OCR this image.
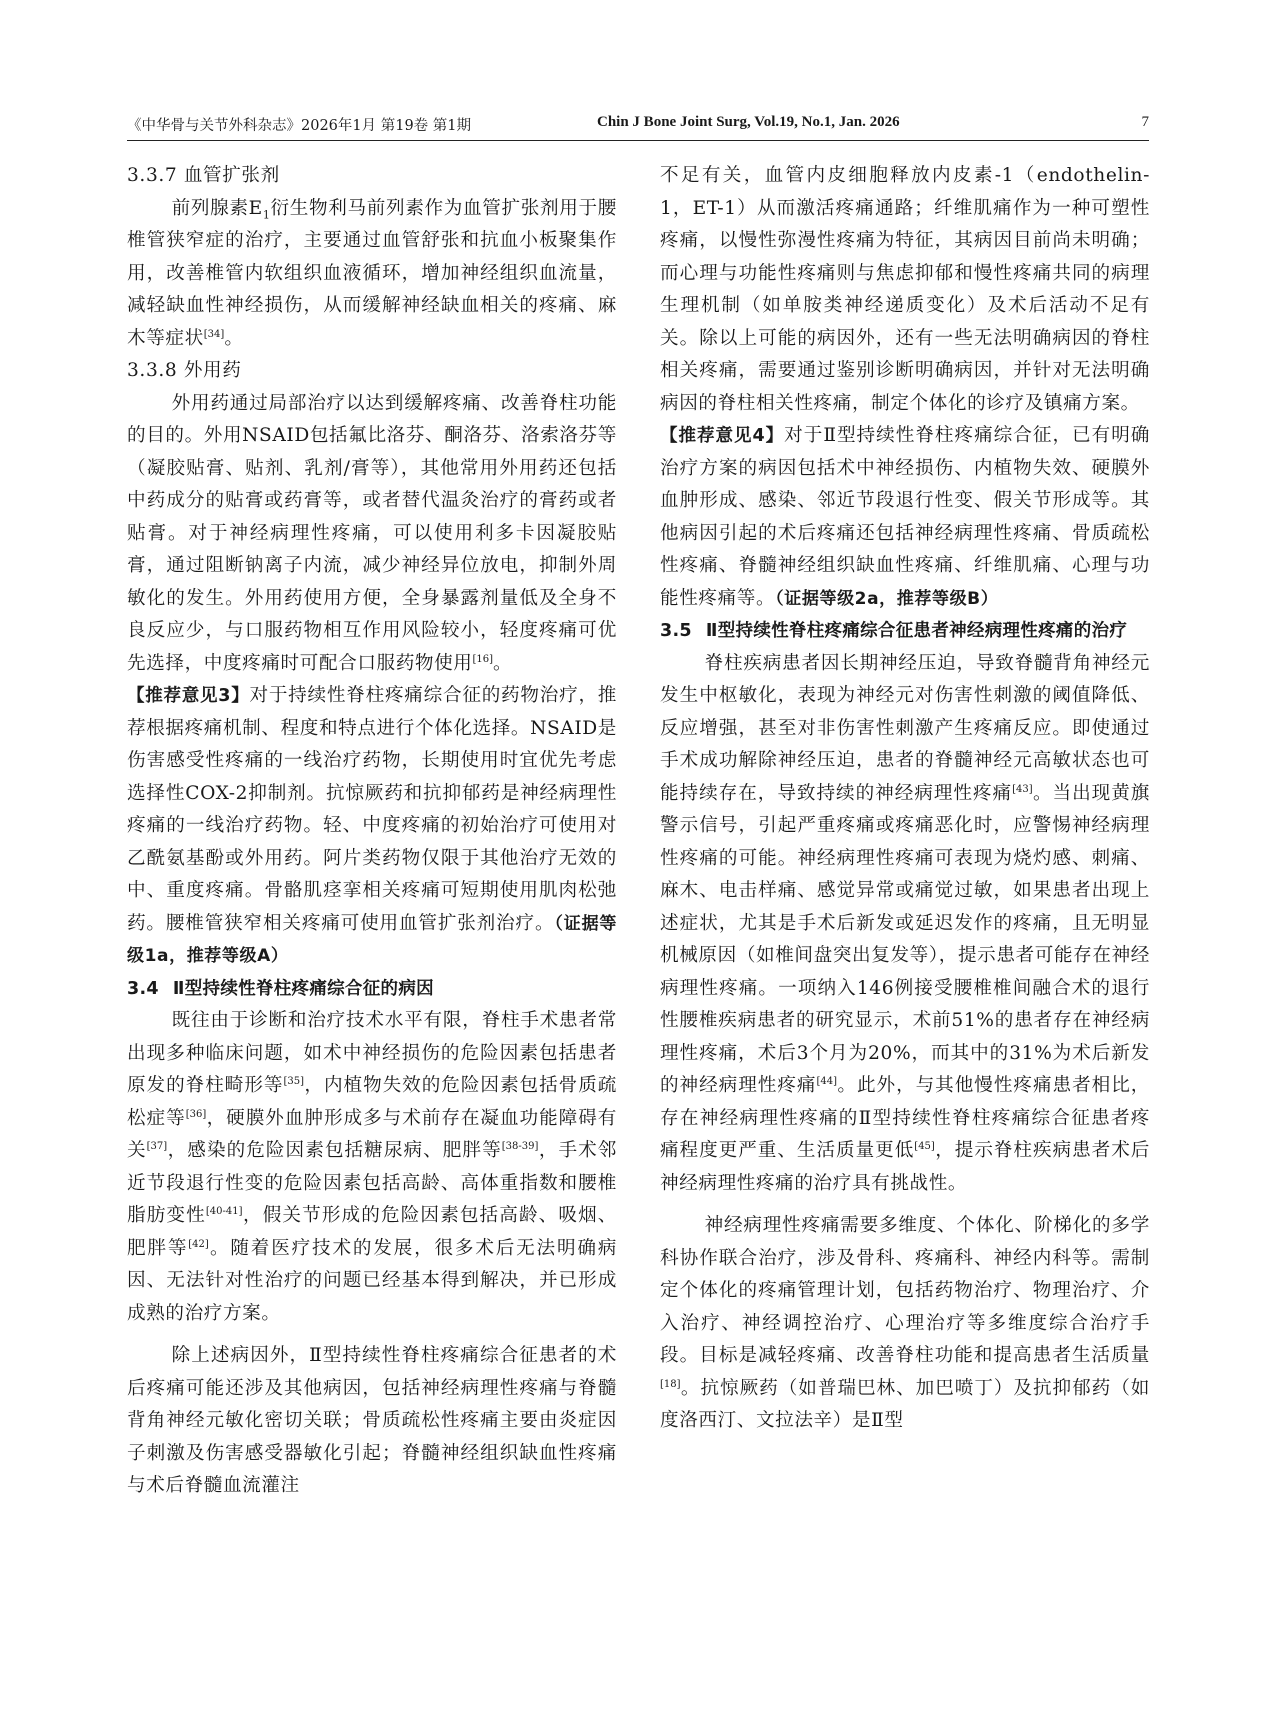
《中华骨与关节外科杂志》2026年1月 第19卷 第1期	Chin J Bone Joint Surg, Vol.19, No.1, Jan. 2026	7

3.3.7 血管扩张剂

前列腺素$E_1$衍生物利马前列素作为血管扩张剂用于腰椎管狭窄症的治疗，主要通过血管舒张和抗血小板聚集作用，改善椎管内软组织血液循环，增加神经组织血流量，减轻缺血性神经损伤，从而缓解神经缺血相关的疼痛、麻木等症状[34]。

3.3.8 外用药

外用药通过局部治疗以达到缓解疼痛、改善脊柱功能的目的。外用NSAID包括氟比洛芬、酮洛芬、洛索洛芬等（凝胶贴膏、贴剂、乳剂/膏等），其他常用外用药还包括中药成分的贴膏或药膏等，或者替代温灸治疗的膏药或者贴膏。对于神经病理性疼痛，可以使用利多卡因凝胶贴膏，通过阻断钠离子内流，减少神经异位放电，抑制外周敏化的发生。外用药使用方便，全身暴露剂量低及全身不良反应少，与口服药物相互作用风险较小，轻度疼痛可优先选择，中度疼痛时可配合口服药物使用[16]。

【推荐意见3】对于持续性脊柱疼痛综合征的药物治疗，推荐根据疼痛机制、程度和特点进行个体化选择。NSAID是伤害感受性疼痛的一线治疗药物，长期使用时宜优先考虑选择性COX-2抑制剂。抗惊厥药和抗抑郁药是神经病理性疼痛的一线治疗药物。轻、中度疼痛的初始治疗可使用对乙酰氨基酚或外用药。阿片类药物仅限于其他治疗无效的中、重度疼痛。骨骼肌痉挛相关疼痛可短期使用肌肉松弛药。腰椎管狭窄相关疼痛可使用血管扩张剂治疗。（证据等级1a，推荐等级A）

3.4 Ⅱ型持续性脊柱疼痛综合征的病因

既往由于诊断和治疗技术水平有限，脊柱手术患者常出现多种临床问题，如术中神经损伤的危险因素包括患者原发的脊柱畸形等[35]，内植物失效的危险因素包括骨质疏松症等[36]，硬膜外血肿形成多与术前存在凝血功能障碍有关[37]，感染的危险因素包括糖尿病、肥胖等[38-39]，手术邻近节段退行性变的危险因素包括高龄、高体重指数和腰椎脂肪变性[40-41]，假关节形成的危险因素包括高龄、吸烟、肥胖等[42]。随着医疗技术的发展，很多术后无法明确病因、无法针对性治疗的问题已经基本得到解决，并已形成成熟的治疗方案。

除上述病因外，Ⅱ型持续性脊柱疼痛综合征患者的术后疼痛可能还涉及其他病因，包括神经病理性疼痛与脊髓背角神经元敏化密切关联；骨质疏松性疼痛主要由炎症因子刺激及伤害感受器敏化引起；脊髓神经组织缺血性疼痛与术后脊髓血流灌注

不足有关，血管内皮细胞释放内皮素-1（endothelin-1，ET-1）从而激活疼痛通路；纤维肌痛作为一种可塑性疼痛，以慢性弥漫性疼痛为特征，其病因目前尚未明确；而心理与功能性疼痛则与焦虑抑郁和慢性疼痛共同的病理生理机制（如单胺类神经递质变化）及术后活动不足有关。除以上可能的病因外，还有一些无法明确病因的脊柱相关疼痛，需要通过鉴别诊断明确病因，并针对无法明确病因的脊柱相关性疼痛，制定个体化的诊疗及镇痛方案。

【推荐意见4】对于Ⅱ型持续性脊柱疼痛综合征，已有明确治疗方案的病因包括术中神经损伤、内植物失效、硬膜外血肿形成、感染、邻近节段退行性变、假关节形成等。其他病因引起的术后疼痛还包括神经病理性疼痛、骨质疏松性疼痛、脊髓神经组织缺血性疼痛、纤维肌痛、心理与功能性疼痛等。（证据等级2a，推荐等级B）

3.5 Ⅱ型持续性脊柱疼痛综合征患者神经病理性疼痛的治疗

脊柱疾病患者因长期神经压迫，导致脊髓背角神经元发生中枢敏化，表现为神经元对伤害性刺激的阈值降低、反应增强，甚至对非伤害性刺激产生疼痛反应。即使通过手术成功解除神经压迫，患者的脊髓神经元高敏状态也可能持续存在，导致持续的神经病理性疼痛[43]。当出现黄旗警示信号，引起严重疼痛或疼痛恶化时，应警惕神经病理性疼痛的可能。神经病理性疼痛可表现为烧灼感、刺痛、麻木、电击样痛、感觉异常或痛觉过敏，如果患者出现上述症状，尤其是手术后新发或延迟发作的疼痛，且无明显机械原因（如椎间盘突出复发等），提示患者可能存在神经病理性疼痛。一项纳入146例接受腰椎椎间融合术的退行性腰椎疾病患者的研究显示，术前51%的患者存在神经病理性疼痛，术后3个月为20%，而其中的31%为术后新发的神经病理性疼痛[44]。此外，与其他慢性疼痛患者相比，存在神经病理性疼痛的Ⅱ型持续性脊柱疼痛综合征患者疼痛程度更严重、生活质量更低[45]，提示脊柱疾病患者术后神经病理性疼痛的治疗具有挑战性。

神经病理性疼痛需要多维度、个体化、阶梯化的多学科协作联合治疗，涉及骨科、疼痛科、神经内科等。需制定个体化的疼痛管理计划，包括药物治疗、物理治疗、介入治疗、神经调控治疗、心理治疗等多维度综合治疗手段。目标是减轻疼痛、改善脊柱功能和提高患者生活质量[18]。抗惊厥药（如普瑞巴林、加巴喷丁）及抗抑郁药（如度洛西汀、文拉法辛）是Ⅱ型
